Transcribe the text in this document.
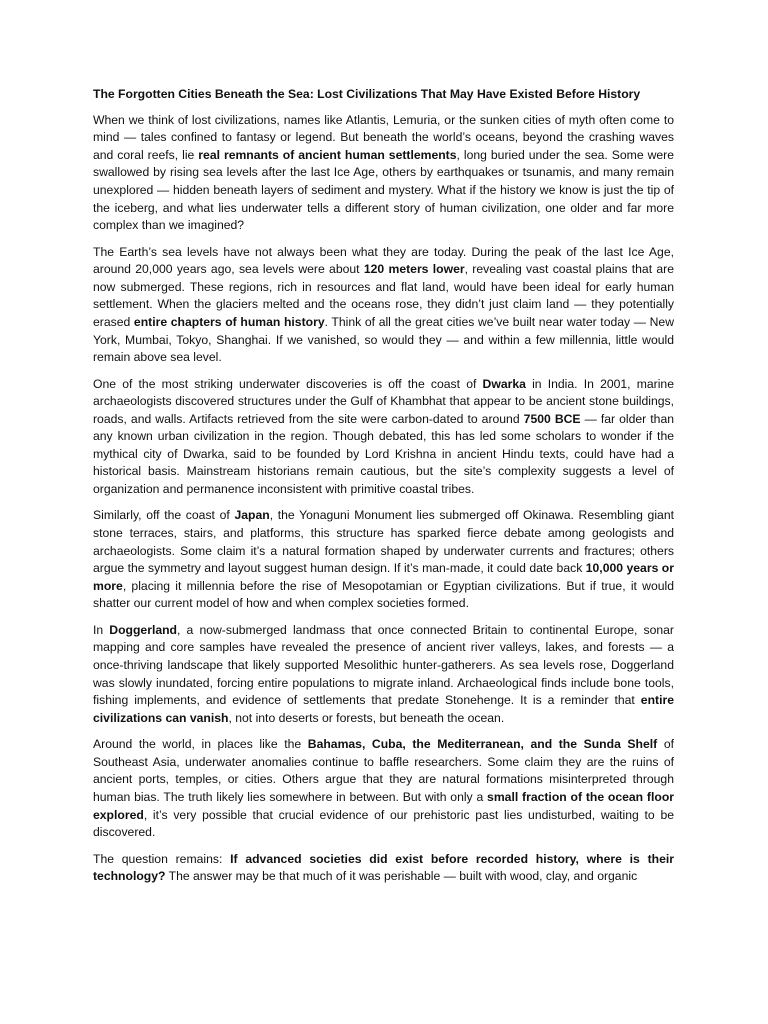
The Forgotten Cities Beneath the Sea: Lost Civilizations That May Have Existed Before History

When we think of lost civilizations, names like Atlantis, Lemuria, or the sunken cities of myth often come to mind — tales confined to fantasy or legend. But beneath the world’s oceans, beyond the crashing waves and coral reefs, lie real remnants of ancient human settlements, long buried under the sea. Some were swallowed by rising sea levels after the last Ice Age, others by earthquakes or tsunamis, and many remain unexplored — hidden beneath layers of sediment and mystery. What if the history we know is just the tip of the iceberg, and what lies underwater tells a different story of human civilization, one older and far more complex than we imagined?

The Earth’s sea levels have not always been what they are today. During the peak of the last Ice Age, around 20,000 years ago, sea levels were about 120 meters lower, revealing vast coastal plains that are now submerged. These regions, rich in resources and flat land, would have been ideal for early human settlement. When the glaciers melted and the oceans rose, they didn’t just claim land — they potentially erased entire chapters of human history. Think of all the great cities we’ve built near water today — New York, Mumbai, Tokyo, Shanghai. If we vanished, so would they — and within a few millennia, little would remain above sea level.

One of the most striking underwater discoveries is off the coast of Dwarka in India. In 2001, marine archaeologists discovered structures under the Gulf of Khambhat that appear to be ancient stone buildings, roads, and walls. Artifacts retrieved from the site were carbon-dated to around 7500 BCE — far older than any known urban civilization in the region. Though debated, this has led some scholars to wonder if the mythical city of Dwarka, said to be founded by Lord Krishna in ancient Hindu texts, could have had a historical basis. Mainstream historians remain cautious, but the site’s complexity suggests a level of organization and permanence inconsistent with primitive coastal tribes.

Similarly, off the coast of Japan, the Yonaguni Monument lies submerged off Okinawa. Resembling giant stone terraces, stairs, and platforms, this structure has sparked fierce debate among geologists and archaeologists. Some claim it’s a natural formation shaped by underwater currents and fractures; others argue the symmetry and layout suggest human design. If it’s man-made, it could date back 10,000 years or more, placing it millennia before the rise of Mesopotamian or Egyptian civilizations. But if true, it would shatter our current model of how and when complex societies formed.

In Doggerland, a now-submerged landmass that once connected Britain to continental Europe, sonar mapping and core samples have revealed the presence of ancient river valleys, lakes, and forests — a once-thriving landscape that likely supported Mesolithic hunter-gatherers. As sea levels rose, Doggerland was slowly inundated, forcing entire populations to migrate inland. Archaeological finds include bone tools, fishing implements, and evidence of settlements that predate Stonehenge. It is a reminder that entire civilizations can vanish, not into deserts or forests, but beneath the ocean.

Around the world, in places like the Bahamas, Cuba, the Mediterranean, and the Sunda Shelf of Southeast Asia, underwater anomalies continue to baffle researchers. Some claim they are the ruins of ancient ports, temples, or cities. Others argue that they are natural formations misinterpreted through human bias. The truth likely lies somewhere in between. But with only a small fraction of the ocean floor explored, it’s very possible that crucial evidence of our prehistoric past lies undisturbed, waiting to be discovered.

The question remains: If advanced societies did exist before recorded history, where is their technology? The answer may be that much of it was perishable — built with wood, clay, and organic
